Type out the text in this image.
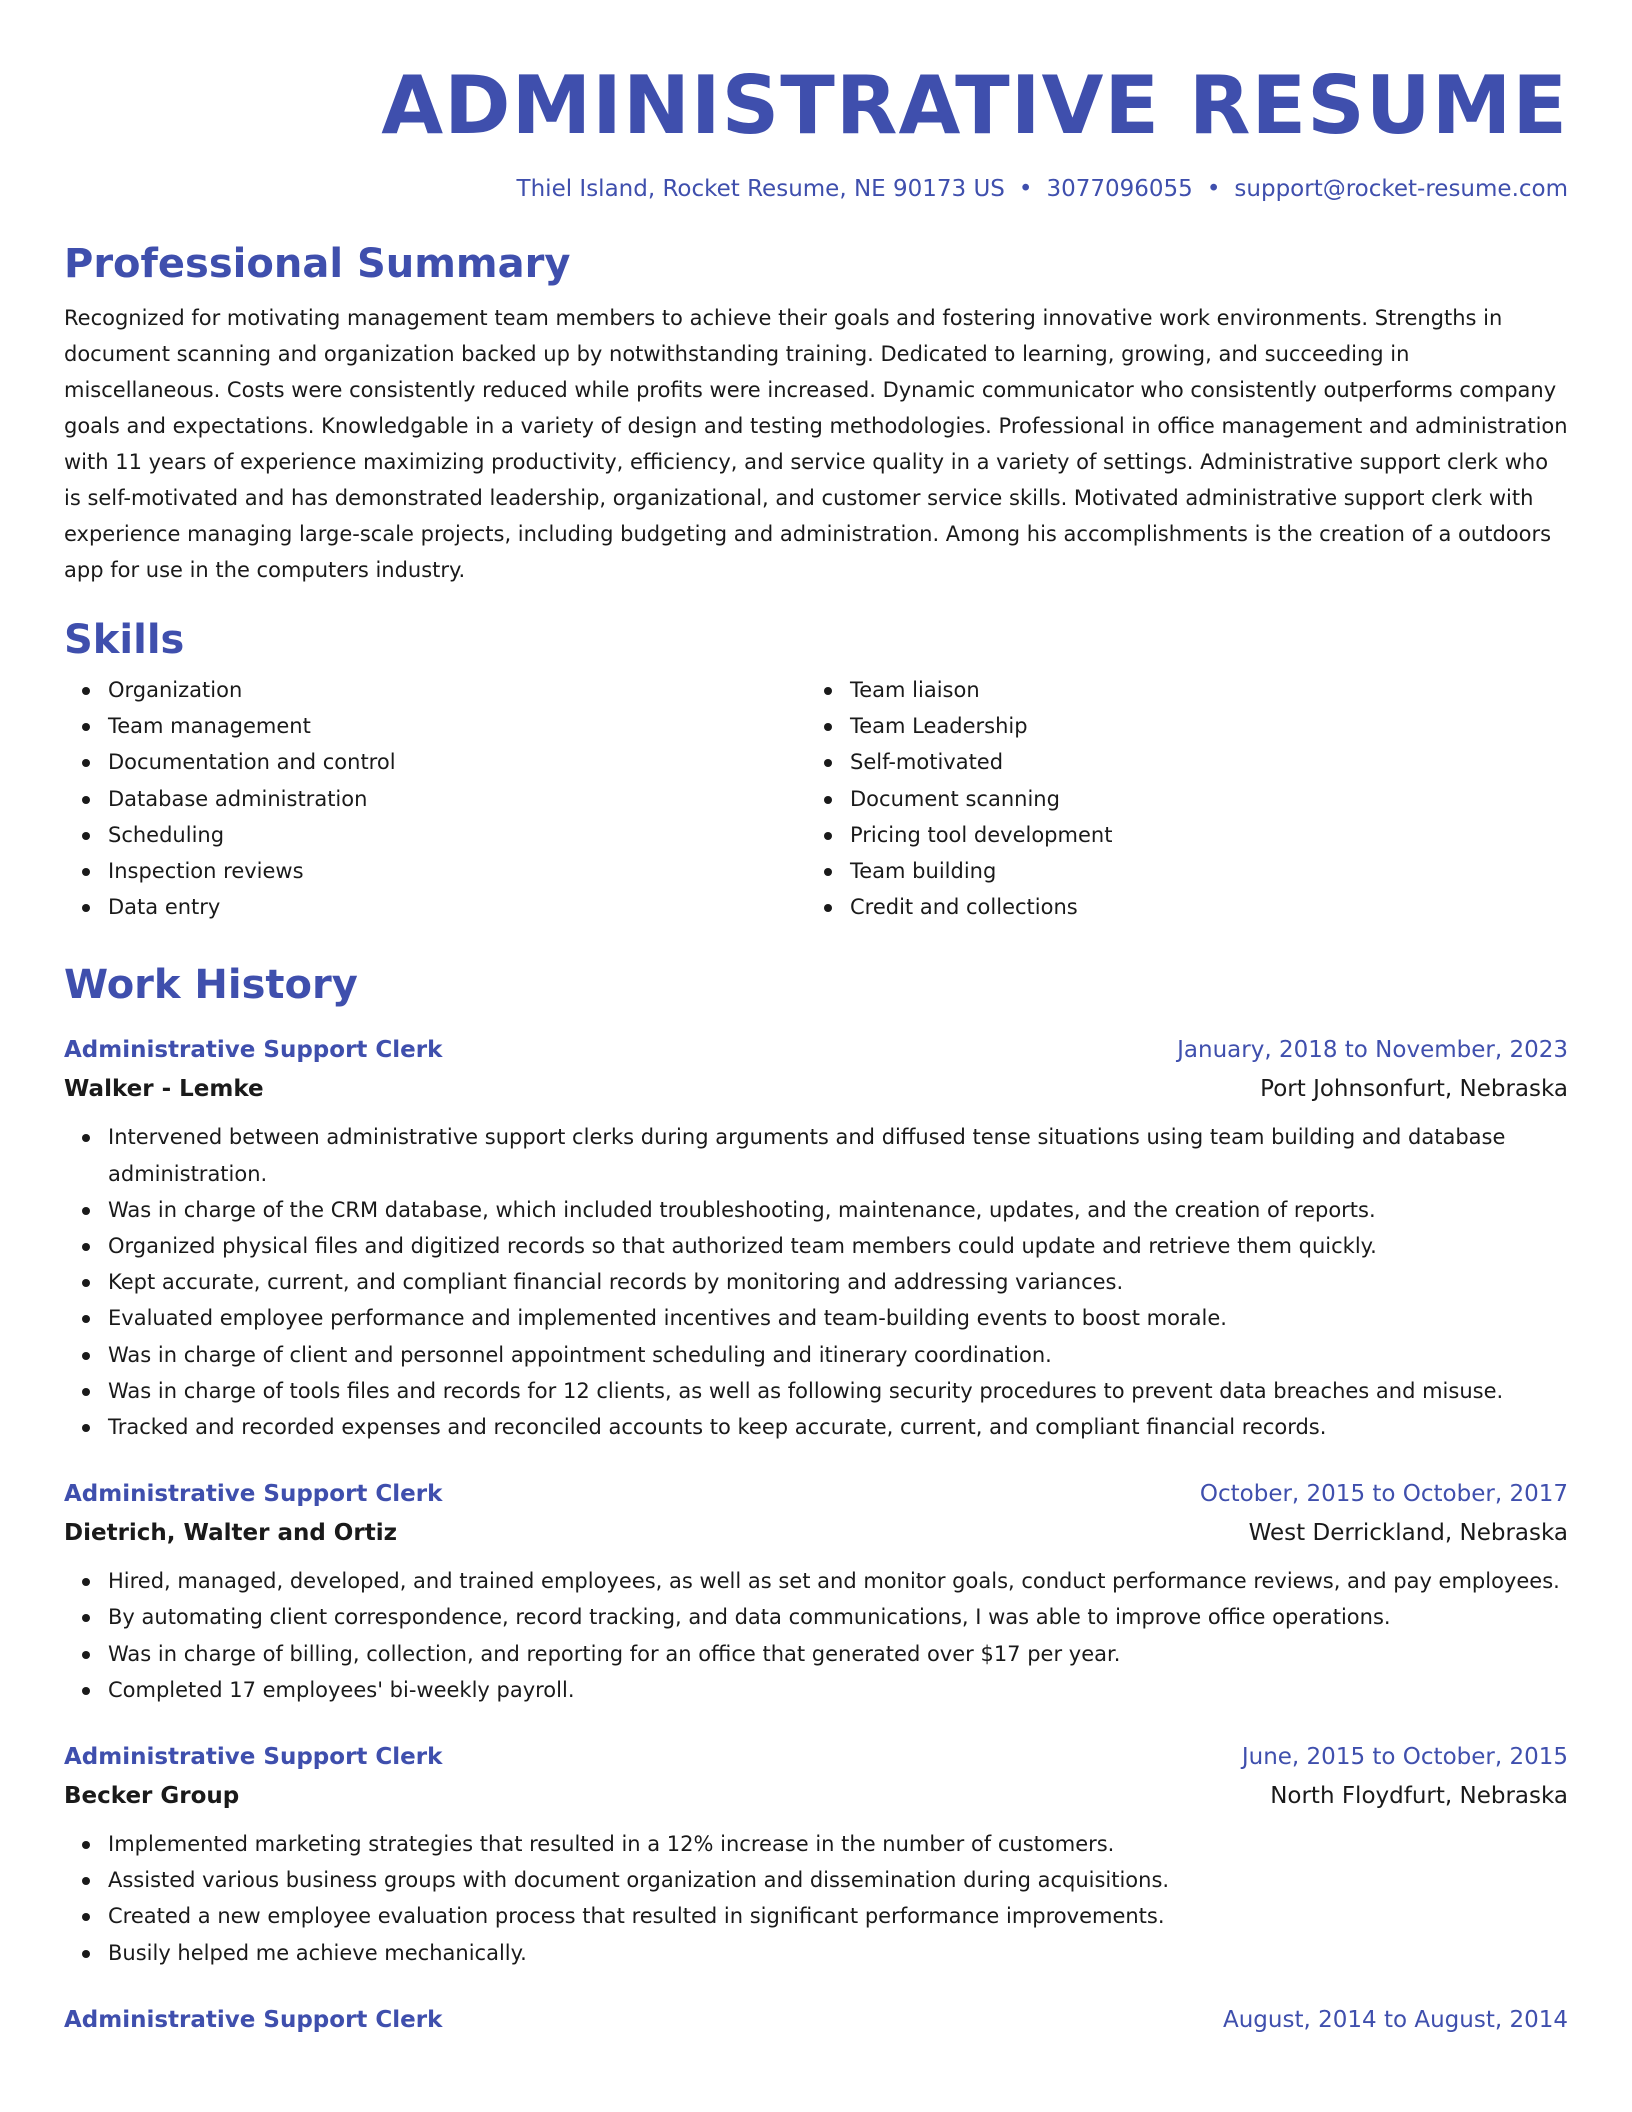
ADMINISTRATIVE RESUME
Thiel Island, Rocket Resume, NE 90173 US • 3077096055 • support@rocket-resume.com
Professional Summary
Recognized for motivating management team members to achieve their goals and fostering innovative work environments. Strengths in document scanning and organization backed up by notwithstanding training. Dedicated to learning, growing, and succeeding in miscellaneous. Costs were consistently reduced while profits were increased. Dynamic communicator who consistently outperforms company goals and expectations. Knowledgable in a variety of design and testing methodologies. Professional in office management and administration with 11 years of experience maximizing productivity, efficiency, and service quality in a variety of settings. Administrative support clerk who is self-motivated and has demonstrated leadership, organizational, and customer service skills. Motivated administrative support clerk with experience managing large-scale projects, including budgeting and administration. Among his accomplishments is the creation of a outdoors app for use in the computers industry.
Skills
Organization
Team management
Documentation and control
Database administration
Scheduling
Inspection reviews
Data entry
Team liaison
Team Leadership
Self-motivated
Document scanning
Pricing tool development
Team building
Credit and collections
Work History
Administrative Support Clerk	January, 2018 to November, 2023
Walker - Lemke	Port Johnsonfurt, Nebraska
Intervened between administrative support clerks during arguments and diffused tense situations using team building and database administration.
Was in charge of the CRM database, which included troubleshooting, maintenance, updates, and the creation of reports.
Organized physical files and digitized records so that authorized team members could update and retrieve them quickly.
Kept accurate, current, and compliant financial records by monitoring and addressing variances.
Evaluated employee performance and implemented incentives and team-building events to boost morale.
Was in charge of client and personnel appointment scheduling and itinerary coordination.
Was in charge of tools files and records for 12 clients, as well as following security procedures to prevent data breaches and misuse.
Tracked and recorded expenses and reconciled accounts to keep accurate, current, and compliant financial records.
Administrative Support Clerk	October, 2015 to October, 2017
Dietrich, Walter and Ortiz	West Derrickland, Nebraska
Hired, managed, developed, and trained employees, as well as set and monitor goals, conduct performance reviews, and pay employees.
By automating client correspondence, record tracking, and data communications, I was able to improve office operations.
Was in charge of billing, collection, and reporting for an office that generated over $17 per year.
Completed 17 employees' bi-weekly payroll.
Administrative Support Clerk	June, 2015 to October, 2015
Becker Group	North Floydfurt, Nebraska
Implemented marketing strategies that resulted in a 12% increase in the number of customers.
Assisted various business groups with document organization and dissemination during acquisitions.
Created a new employee evaluation process that resulted in significant performance improvements.
Busily helped me achieve mechanically.
Administrative Support Clerk	August, 2014 to August, 2014
